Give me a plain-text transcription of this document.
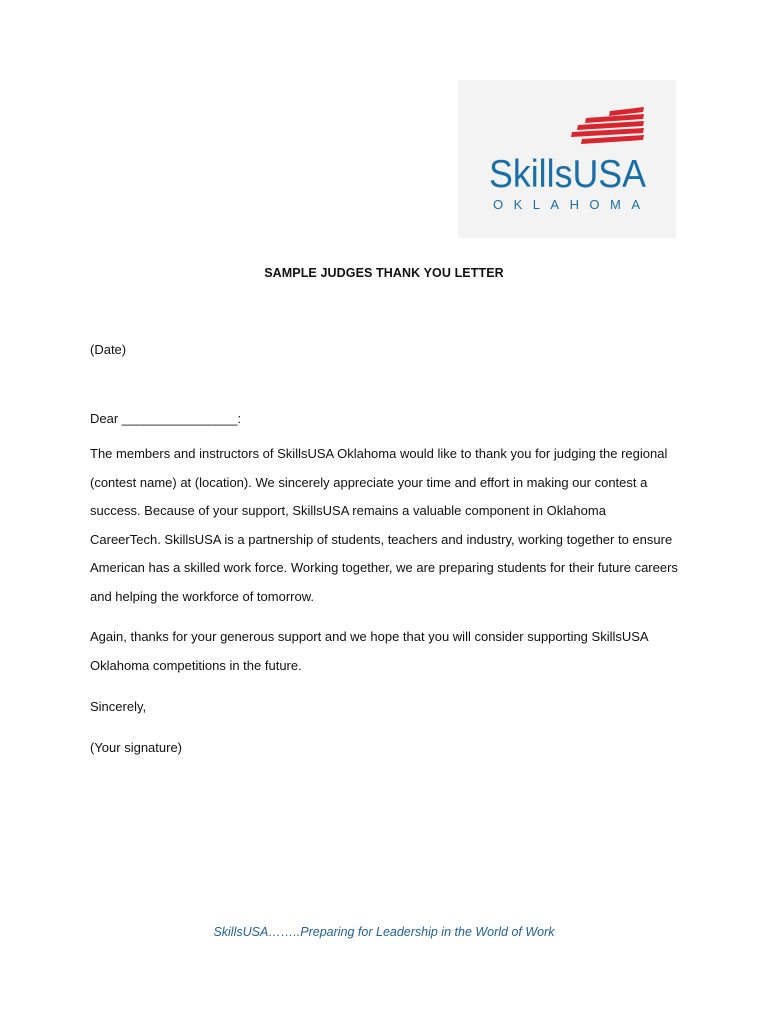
SkillsUSA
OKLAHOMA
SAMPLE JUDGES THANK YOU LETTER
(Date)
Dear ________________:
The members and instructors of SkillsUSA Oklahoma would like to thank you for judging the regional (contest name) at (location). We sincerely appreciate your time and effort in making our contest a success. Because of your support, SkillsUSA remains a valuable component in Oklahoma CareerTech. SkillsUSA is a partnership of students, teachers and industry, working together to ensure American has a skilled work force. Working together, we are preparing students for their future careers and helping the workforce of tomorrow.
Again, thanks for your generous support and we hope that you will consider supporting SkillsUSA Oklahoma competitions in the future.
Sincerely,
(Your signature)
SkillsUSA……..Preparing for Leadership in the World of Work
